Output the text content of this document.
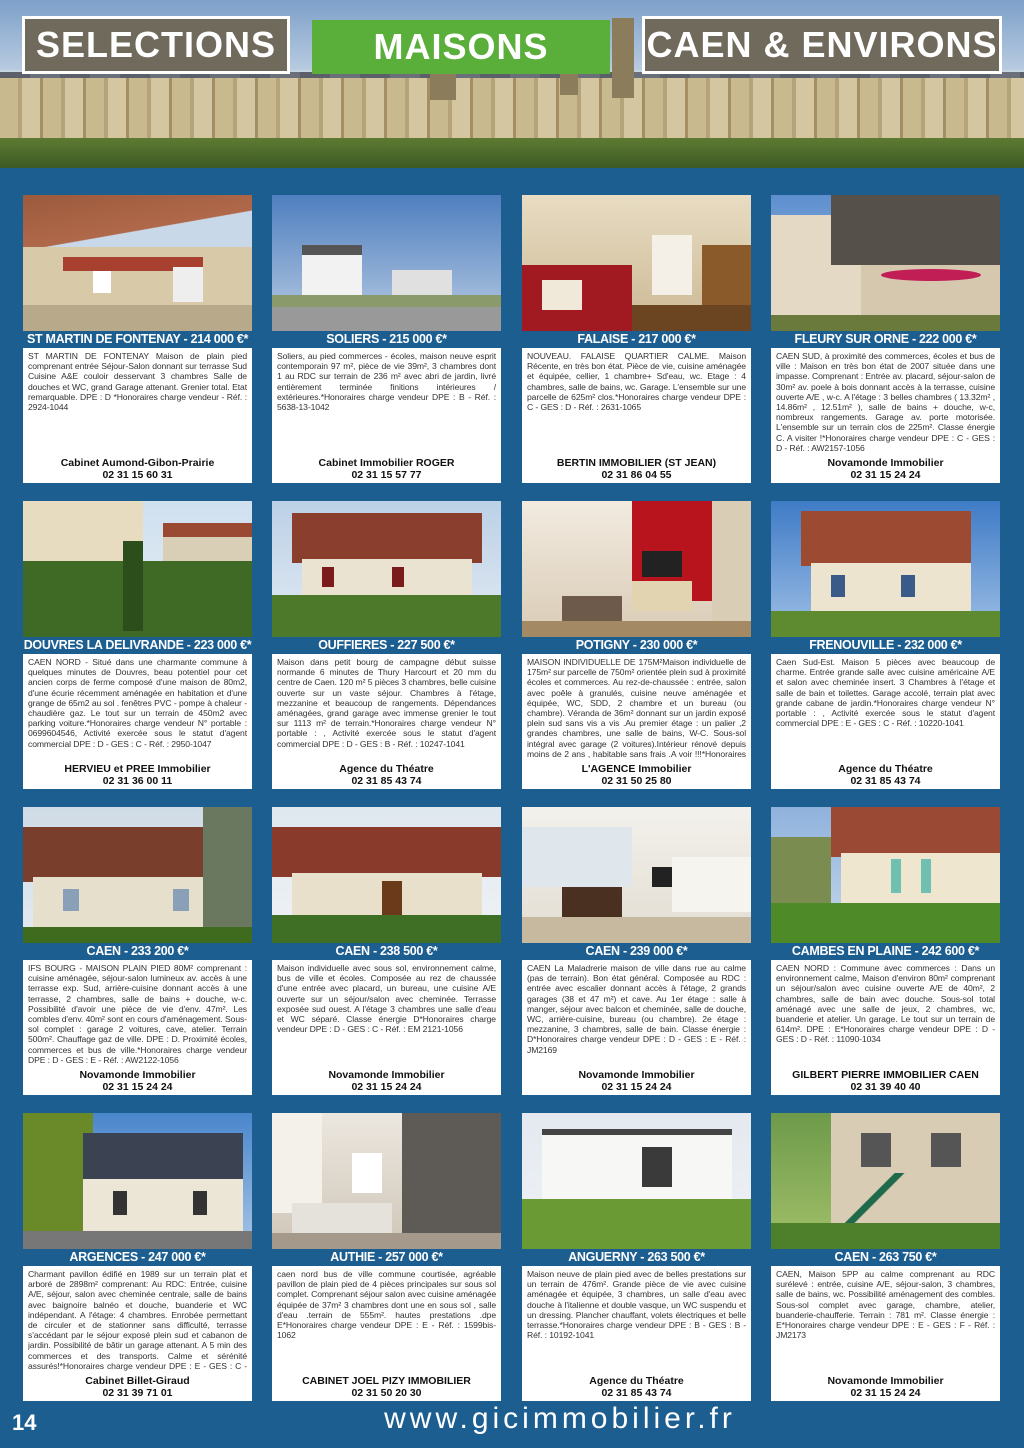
SELECTIONS	MAISONS	CAEN & ENVIRONS
ST MARTIN DE FONTENAY - 214 000 €*
ST MARTIN DE FONTENAY Maison de plain pied comprenant entrée Séjour-Salon donnant sur terrasse Sud Cuisine A&E couloir desservant 3 chambres Salle de douches et WC, grand Garage attenant. Grenier total. Etat remarquable. DPE : D *Honoraires charge vendeur - Réf. : 2924-1044
Cabinet Aumond-Gibon-Prairie
02 31 15 60 31
SOLIERS - 215 000 €*
Soliers, au pied commerces - écoles, maison neuve esprit contemporain 97 m², pièce de vie 39m², 3 chambres dont 1 au RDC sur terrain de 236 m² avec abri de jardin, livré entièrement terminée finitions intérieures / extérieures.*Honoraires charge vendeur DPE : B - Réf. : 5638-13-1042
Cabinet Immobilier ROGER
02 31 15 57 77
FALAISE - 217 000 €*
NOUVEAU. FALAISE QUARTIER CALME. Maison Récente, en très bon état. Pièce de vie, cuisine aménagée et équipée, cellier, 1 chambre+ Sd'eau, wc. Etage : 4 chambres, salle de bains, wc. Garage. L'ensemble sur une parcelle de 625m² clos.*Honoraires charge vendeur DPE : C - GES : D - Réf. : 2631-1065
BERTIN IMMOBILIER (ST JEAN)
02 31 86 04 55
FLEURY SUR ORNE - 222 000 €*
CAEN SUD, à proximité des commerces, écoles et bus de ville : Maison en très bon état de 2007 située dans une impasse. Comprenant : Entrée av. placard, séjour-salon de 30m² av. poele à bois donnant accès à la terrasse, cuisine ouverte A/E , w-c. A l'étage : 3 belles chambres ( 13.32m² , 14.86m² , 12.51m² ), salle de bains + douche, w-c, nombreux rangements. Garage av. porte motorisée. L'ensemble sur un terrain clos de 225m². Classe énergie C. A visiter !*Honoraires charge vendeur DPE : C - GES : D - Réf. : AW2157-1056
Novamonde Immobilier
02 31 15 24 24
DOUVRES LA DELIVRANDE - 223 000 €*
CAEN NORD - Situé dans une charmante commune à quelques minutes de Douvres, beau potentiel pour cet ancien corps de ferme composé d'une maison de 80m2, d'une écurie récemment aménagée en habitation et d'une grange de 65m2 au sol . fenêtres PVC - pompe à chaleur - chaudière gaz. Le tout sur un terrain de 450m2 avec parking voiture.*Honoraires charge vendeur N° portable : 0699604546, Activité exercée sous le statut d'agent commercial DPE : D - GES : C - Réf. : 2950-1047
HERVIEU et PREE Immobilier
02 31 36 00 11
OUFFIERES - 227 500 €*
Maison dans petit bourg de campagne début suisse normande 6 minutes de Thury Harcourt et 20 mm du centre de Caen. 120 m² 5 pièces 3 chambres, belle cuisine ouverte sur un vaste séjour. Chambres à l'étage, mezzanine et beaucoup de rangements. Dépendances aménagées, grand garage avec immense grenier le tout sur 1113 m² de terrain.*Honoraires charge vendeur N° portable : , Activité exercée sous le statut d'agent commercial DPE : D - GES : B - Réf. : 10247-1041
Agence du Théatre
02 31 85 43 74
POTIGNY - 230 000 €*
MAISON INDIVIDUELLE DE 175M²Maison individuelle de 175m² sur parcelle de 750m² orientée plein sud à proximité écoles et commerces. Au rez-de-chaussée : entrée, salon avec poêle à granulés, cuisine neuve aménagée et équipée, WC, SDD, 2 chambre et un bureau (ou chambre). Véranda de 36m² donnant sur un jardin exposé plein sud sans vis a vis .Au premier étage : un palier ,2 grandes chambres, une salle de bains, W-C. Sous-sol intégral avec garage (2 voitures).Intérieur rénové depuis moins de 2 ans , habitable sans frais .A voir !!!*Honoraires
L'AGENCE Immobilier
02 31 50 25 80
FRENOUVILLE - 232 000 €*
Caen Sud-Est. Maison 5 pièces avec beaucoup de charme. Entrée grande salle avec cuisine américaine A/E et salon avec cheminée insert. 3 Chambres à l'étage et salle de bain et toilettes. Garage accolé, terrain plat avec grande cabane de jardin.*Honoraires charge vendeur N° portable : , Activité exercée sous le statut d'agent commercial DPE : E - GES : C - Réf. : 10220-1041
Agence du Théatre
02 31 85 43 74
CAEN - 233 200 €*
IFS BOURG - MAISON PLAIN PIED 80M² comprenant : cuisine aménagée, séjour-salon lumineux av. accès à une terrasse exp. Sud, arrière-cuisine donnant accès à une terrasse, 2 chambres, salle de bains + douche, w-c. Possibilité d'avoir une pièce de vie d'env. 47m². Les combles d'env. 40m² sont en cours d'aménagement. Sous-sol complet : garage 2 voitures, cave, atelier. Terrain 500m². Chauffage gaz de ville. DPE : D. Proximité écoles, commerces et bus de ville.*Honoraires charge vendeur DPE : D - GES : E - Réf. : AW2122-1056
Novamonde Immobilier
02 31 15 24 24
CAEN - 238 500 €*
Maison individuelle avec sous sol, environnement calme, bus de ville et écoles. Composée au rez de chaussée d'une entrée avec placard, un bureau, une cuisine A/E ouverte sur un séjour/salon avec cheminée. Terrasse exposée sud ouest. A l'étage 3 chambres une salle d'eau et WC séparé. Classe énergie D*Honoraires charge vendeur DPE : D - GES : C - Réf. : EM 2121-1056
Novamonde Immobilier
02 31 15 24 24
CAEN - 239 000 €*
CAEN La Maladrerie maison de ville dans rue au calme (pas de terrain). Bon état général. Composée au RDC : entrée avec escalier donnant accès à l'étage, 2 grands garages (38 et 47 m²) et cave. Au 1er étage : salle à manger, séjour avec balcon et cheminée, salle de douche, WC, arrière-cuisine, bureau (ou chambre). 2e étage : mezzanine, 3 chambres, salle de bain. Classe énergie : D*Honoraires charge vendeur DPE : D - GES : E - Réf. : JM2169
Novamonde Immobilier
02 31 15 24 24
CAMBES EN PLAINE - 242 600 €*
CAEN NORD : Commune avec commerces : Dans un environnement calme, Maison d'environ 80m² comprenant un séjour/salon avec cuisine ouverte A/E de 40m², 2 chambres, salle de bain avec douche. Sous-sol total aménagé avec une salle de jeux, 2 chambres, wc, buanderie et atelier. Un garage. Le tout sur un terrain de 614m². DPE : E*Honoraires charge vendeur DPE : D - GES : D - Réf. : 11090-1034
GILBERT PIERRE IMMOBILIER CAEN
02 31 39 40 40
ARGENCES - 247 000 €*
Charmant pavillon édifié en 1989 sur un terrain plat et arboré de 2898m² comprenant: Au RDC: Entrée, cuisine A/E, séjour, salon avec cheminée centrale, salle de bains avec baignoire balnéo et douche, buanderie et WC indépendant. A l'étage: 4 chambres. Enrobée permettant de circuler et de stationner sans difficulté, terrasse s'accédant par le séjour exposé plein sud et cabanon de jardin. Possibilité de bâtir un garage attenant. A 5 min des commerces et des transports. Calme et sérénité assurés!*Honoraires charge vendeur DPE : E - GES : C -
Cabinet Billet-Giraud
02 31 39 71 01
AUTHIE - 257 000 €*
caen nord bus de ville commune courtisée, agréable pavillon de plain pied de 4 pièces principales sur sous sol complet. Comprenant séjour salon avec cuisine aménagée équipée de 37m² 3 chambres dont une en sous sol , salle d'eau .terrain de 555m². hautes prestations .dpe E*Honoraires charge vendeur DPE : E - Réf. : 1599bis-1062
CABINET JOEL PIZY IMMOBILIER
02 31 50 20 30
ANGUERNY - 263 500 €*
Maison neuve de plain pied avec de belles prestations sur un terrain de 476m². Grande pièce de vie avec cuisine aménagée et équipée, 3 chambres, un salle d'eau avec douche à l'italienne et double vasque, un WC suspendu et un dressing. Plancher chauffant, volets électriques et belle terrasse.*Honoraires charge vendeur DPE : B - GES : B - Réf. : 10192-1041
Agence du Théatre
02 31 85 43 74
CAEN - 263 750 €*
CAEN, Maison 5PP au calme comprenant au RDC surélevé : entrée, cuisine A/E, séjour-salon, 3 chambres, salle de bains, wc. Possibilité aménagement des combles. Sous-sol complet avec garage, chambre, atelier, buanderie-chaufferie. Terrain : 781 m². Classe énergie : E*Honoraires charge vendeur DPE : E - GES : F - Réf. : JM2173
Novamonde Immobilier
02 31 15 24 24
14	www.gicimmobilier.fr
